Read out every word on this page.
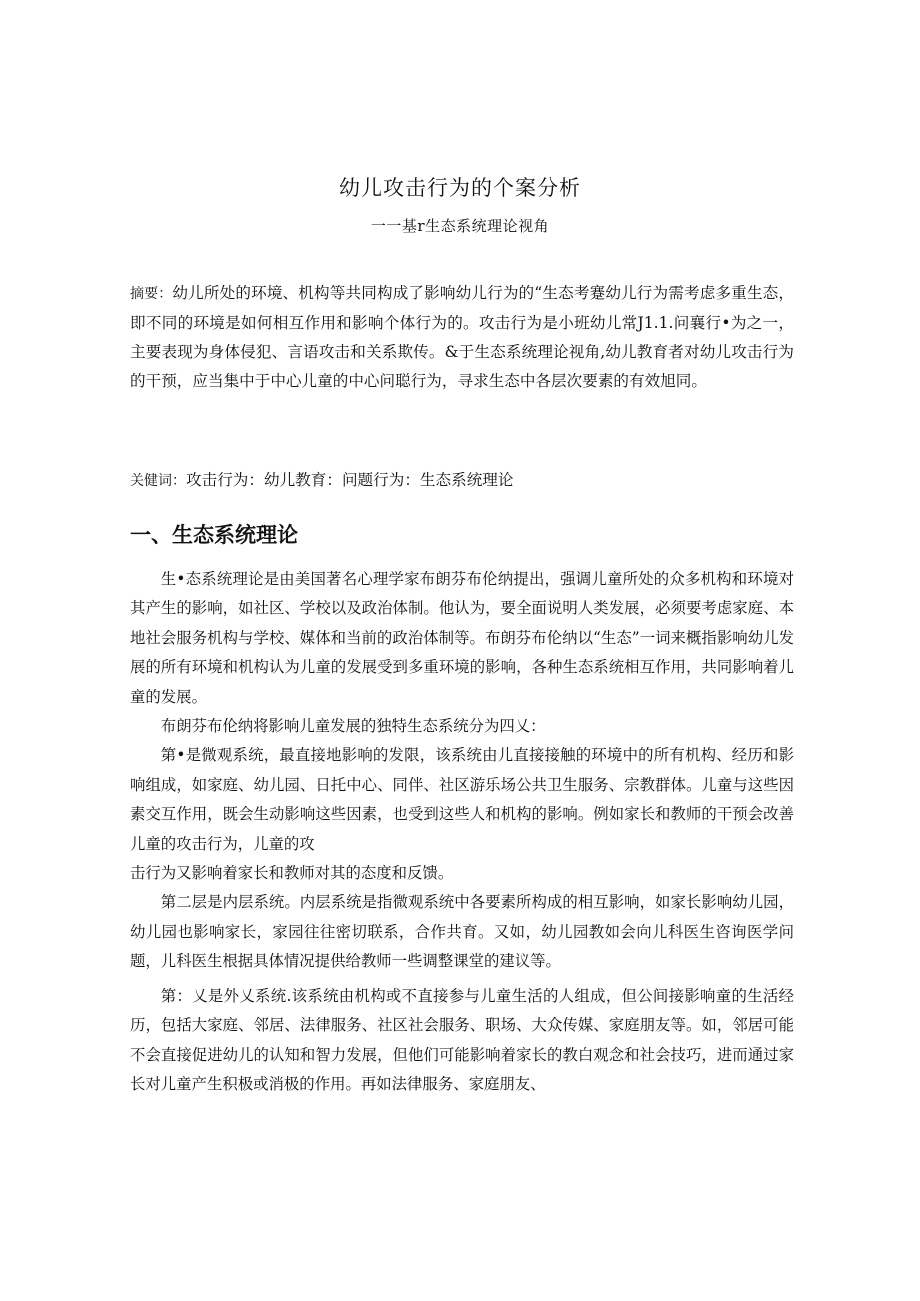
幼儿攻击行为的个案分析
一一基r生态系统理论视角
摘要：幼儿所处的环境、机构等共同构成了影响幼儿行为的“生态考蹇幼儿行为需考虑多重生态，即不同的环境是如何相互作用和影响个体行为的。攻击行为是小班幼儿常J1.1.问襄行•为之一，主要表现为身体侵犯、言语攻击和关系欺传。&于生态系统理论视角,幼儿教育者对幼儿攻击行为的干预，应当集中于中心儿童的中心问聪行为，寻求生态中各层次要素的有效旭同。
关健词：攻击行为：幼儿教育：问题行为：生态系统理论
一、生态系统理论

生•态系统理论是由美国著名心理学家布朗芬布伦纳提出，强调儿童所处的众多机构和环境对其产生的影响，如社区、学校以及政治体制。他认为，要全面说明人类发展，必须要考虑家庭、本地社会服务机构与学校、媒体和当前的政治体制等。布朗芬布伦纳以“生态”一词来概指影响幼儿发展的所有环境和机构认为儿童的发展受到多重环境的影响，各种生态系统相互作用，共同影响着儿童的发展。

布朗芬布伦纳将影响儿童发展的独特生态系统分为四乂：

第•是微观系统，最直接地影响的发限，该系统由儿直接接触的环境中的所有机构、经历和影响组成，如家庭、幼儿园、日托中心、同伴、社区游乐场公共卫生服务、宗教群体。儿童与这些因素交互作用，既会生动影响这些因素，也受到这些人和机构的影响。例如家长和教师的干预会改善儿童的攻击行为，儿童的攻

击行为又影响着家长和教师对其的态度和反馈。

第二层是内层系统。内层系统是指微观系统中各要素所构成的相互影响，如家长影响幼儿园，幼儿园也影响家长，家园往往密切联系，合作共育。又如，幼儿园教如会向儿科医生咨询医学问题，儿科医生根据具体情况提供给教师一些调整课堂的建议等。

第：乂是外乂系统.该系统由机构或不直接参与儿童生活的人组成，但公间接影响童的生活经历，包括大家庭、邻居、法律服务、社区社会服务、职场、大众传媒、家庭朋友等。如，邻居可能不会直接促进幼儿的认知和智力发展，但他们可能影响着家长的教白观念和社会技巧，进而通过家长对儿童产生积极或消极的作用。再如法律服务、家庭朋友、
